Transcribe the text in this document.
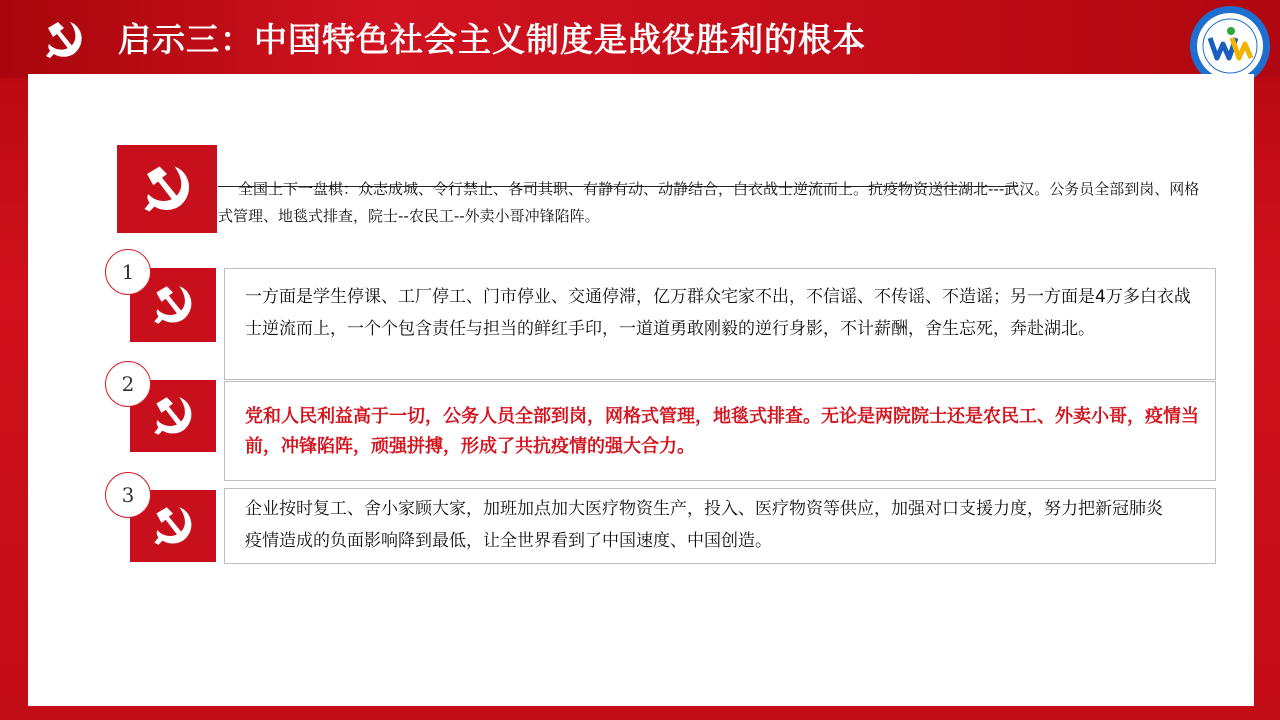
启示三：中国特色社会主义制度是战役胜利的根本
全国上下一盘棋：众志成城、令行禁止、各司其职、有静有动、动静结合，白衣战士逆流而上。抗疫物资送往湖北---武汉。公务员全部到岗、网格式管理、地毯式排查，院士--农民工--外卖小哥冲锋陷阵。
1
一方面是学生停课、工厂停工、门市停业、交通停滞，亿万群众宅家不出，不信谣、不传谣、不造谣；另一方面是4万多白衣战士逆流而上，一个个包含责任与担当的鲜红手印，一道道勇敢刚毅的逆行身影，不计薪酬，舍生忘死，奔赴湖北。
2
党和人民利益高于一切，公务人员全部到岗，网格式管理，地毯式排查。无论是两院院士还是农民工、外卖小哥，疫情当前，冲锋陷阵，顽强拼搏，形成了共抗疫情的强大合力。
3
企业按时复工、舍小家顾大家，加班加点加大医疗物资生产，投入、医疗物资等供应，加强对口支援力度，努力把新冠肺炎疫情造成的负面影响降到最低，让全世界看到了中国速度、中国创造。
